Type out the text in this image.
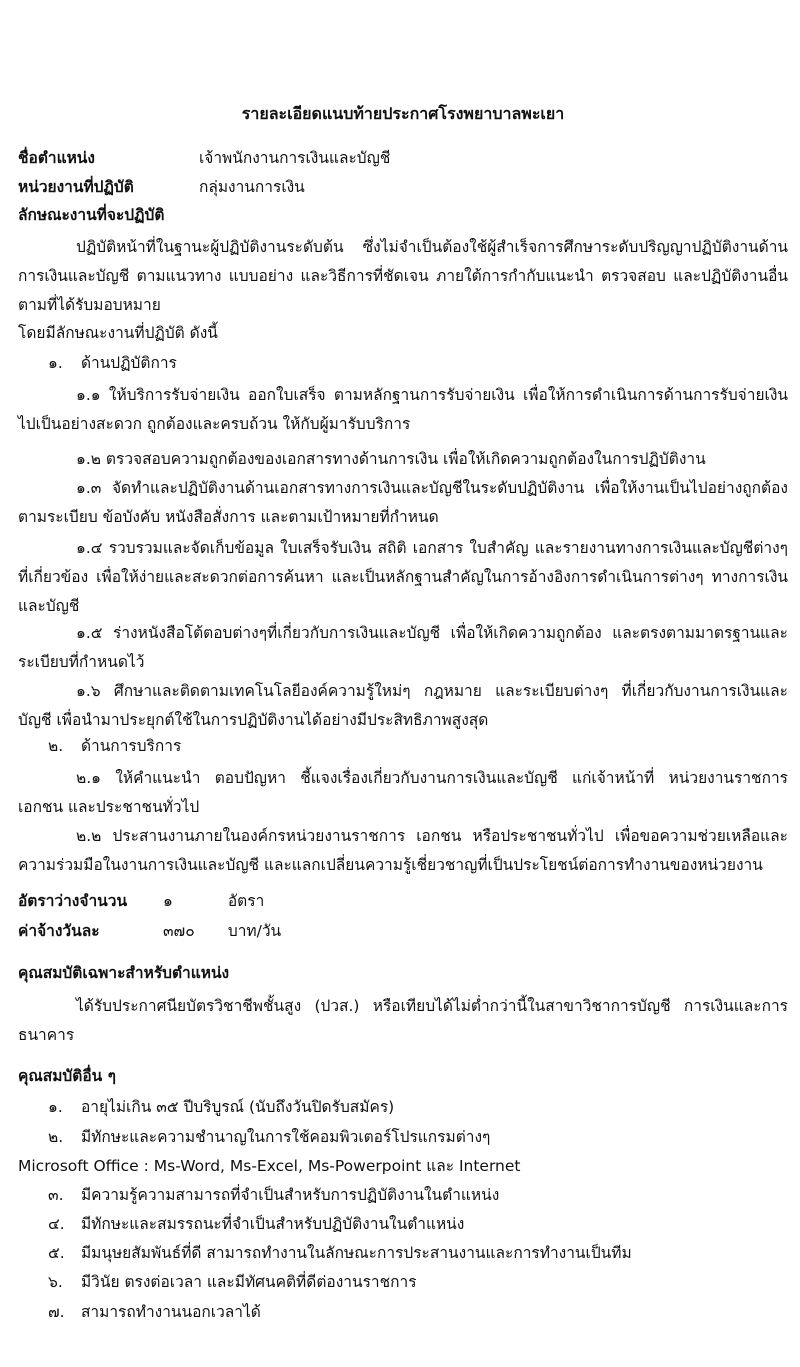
รายละเอียดแนบท้ายประกาศโรงพยาบาลพะเยา
ชื่อตำแหน่ง	เจ้าพนักงานการเงินและบัญชี
หน่วยงานที่ปฏิบัติ	กลุ่มงานการเงิน
ลักษณะงานที่จะปฏิบัติ
ปฏิบัติหน้าที่ในฐานะผู้ปฏิบัติงานระดับต้น ซึ่งไม่จำเป็นต้องใช้ผู้สำเร็จการศึกษาระดับปริญญาปฏิบัติงานด้านการเงินและบัญชี ตามแนวทาง แบบอย่าง และวิธีการที่ชัดเจน ภายใต้การกำกับแนะนำ ตรวจสอบ และปฏิบัติงานอื่นตามที่ได้รับมอบหมาย
โดยมีลักษณะงานที่ปฏิบัติ ดังนี้
๑. ด้านปฏิบัติการ
๑.๑ ให้บริการรับจ่ายเงิน ออกใบเสร็จ ตามหลักฐานการรับจ่ายเงิน เพื่อให้การดำเนินการด้านการรับจ่ายเงิน ไปเป็นอย่างสะดวก ถูกต้องและครบถ้วน ให้กับผู้มารับบริการ
๑.๒ ตรวจสอบความถูกต้องของเอกสารทางด้านการเงิน เพื่อให้เกิดความถูกต้องในการปฏิบัติงาน
๑.๓ จัดทำและปฏิบัติงานด้านเอกสารทางการเงินและบัญชีในระดับปฏิบัติงาน เพื่อให้งานเป็นไปอย่างถูกต้อง ตามระเบียบ ข้อบังคับ หนังสือสั่งการ และตามเป้าหมายที่กำหนด
๑.๔ รวบรวมและจัดเก็บข้อมูล ใบเสร็จรับเงิน สถิติ เอกสาร ใบสำคัญ และรายงานทางการเงินและบัญชีต่างๆ ที่เกี่ยวข้อง เพื่อให้ง่ายและสะดวกต่อการค้นหา และเป็นหลักฐานสำคัญในการอ้างอิงการดำเนินการต่างๆ ทางการเงินและบัญชี
๑.๕ ร่างหนังสือโต้ตอบต่างๆที่เกี่ยวกับการเงินและบัญชี เพื่อให้เกิดความถูกต้อง และตรงตามมาตรฐานและระเบียบที่กำหนดไว้
๑.๖ ศึกษาและติดตามเทคโนโลยีองค์ความรู้ใหม่ๆ กฎหมาย และระเบียบต่างๆ ที่เกี่ยวกับงานการเงินและบัญชี เพื่อนำมาประยุกต์ใช้ในการปฏิบัติงานได้อย่างมีประสิทธิภาพสูงสุด
๒. ด้านการบริการ
๒.๑ ให้คำแนะนำ ตอบปัญหา ชี้แจงเรื่องเกี่ยวกับงานการเงินและบัญชี แก่เจ้าหน้าที่ หน่วยงานราชการ เอกชน และประชาชนทั่วไป
๒.๒ ประสานงานภายในองค์กรหน่วยงานราชการ เอกชน หรือประชาชนทั่วไป เพื่อขอความช่วยเหลือและความร่วมมือในงานการเงินและบัญชี และแลกเปลี่ยนความรู้เชี่ยวชาญที่เป็นประโยชน์ต่อการทำงานของหน่วยงาน
อัตราว่างจำนวน ๑	อัตรา
ค่าจ้างวันละ	๓๗๐ บาท/วัน
คุณสมบัติเฉพาะสำหรับตำแหน่ง
ได้รับประกาศนียบัตรวิชาชีพชั้นสูง (ปวส.) หรือเทียบได้ไม่ต่ำกว่านี้ในสาขาวิชาการบัญชี การเงินและการธนาคาร
คุณสมบัติอื่น ๆ
๑. อายุไม่เกิน ๓๕ ปีบริบูรณ์ (นับถึงวันปิดรับสมัคร)
๒. มีทักษะและความชำนาญในการใช้คอมพิวเตอร์โปรแกรมต่างๆ
Microsoft Office : Ms-Word, Ms-Excel, Ms-Powerpoint และ Internet
๓. มีความรู้ความสามารถที่จำเป็นสำหรับการปฏิบัติงานในตำแหน่ง
๔. มีทักษะและสมรรถนะที่จำเป็นสำหรับปฏิบัติงานในตำแหน่ง
๕. มีมนุษยสัมพันธ์ที่ดี สามารถทำงานในลักษณะการประสานงานและการทำงานเป็นทีม
๖. มีวินัย ตรงต่อเวลา และมีทัศนคติที่ดีต่องานราชการ
๗. สามารถทำงานนอกเวลาได้
